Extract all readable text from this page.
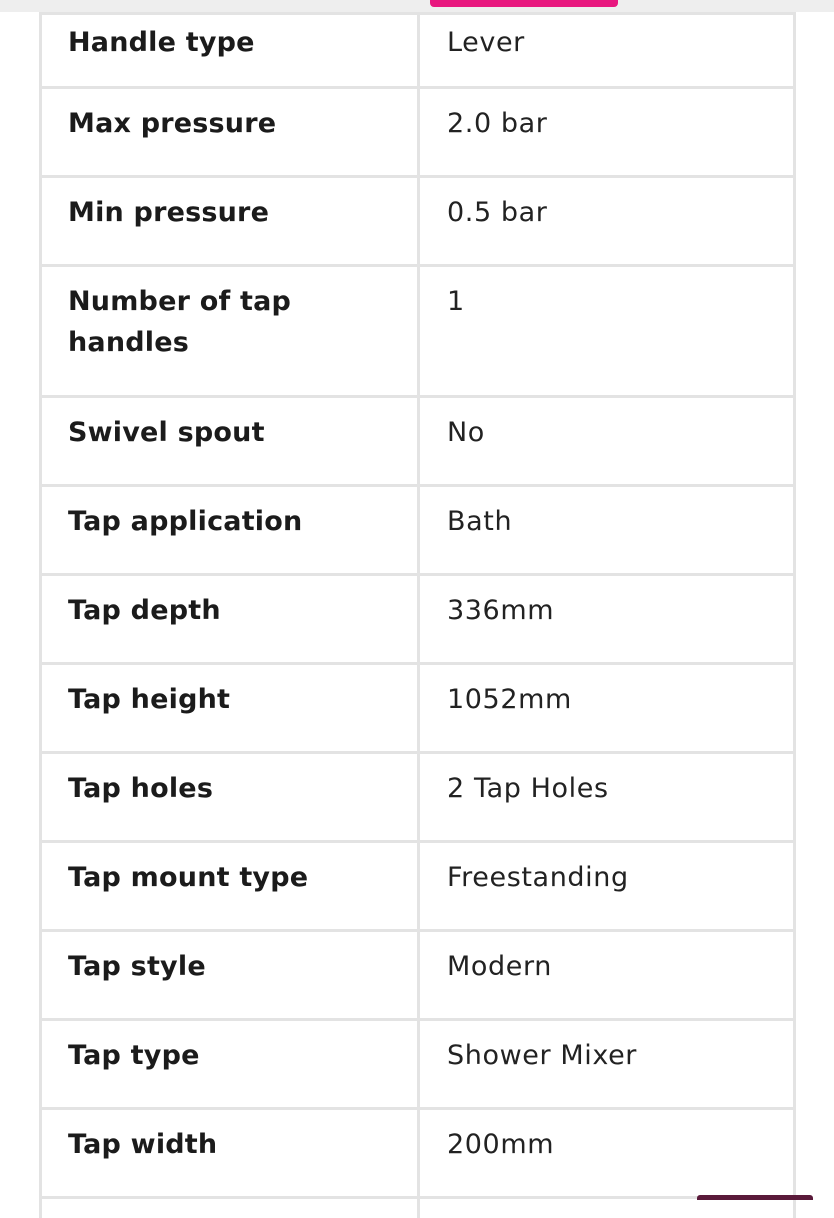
Handle type	Lever
Max pressure	2.0 bar
Min pressure	0.5 bar
Number of tap handles	1
Swivel spout	No
Tap application	Bath
Tap depth	336mm
Tap height	1052mm
Tap holes	2 Tap Holes
Tap mount type	Freestanding
Tap style	Modern
Tap type	Shower Mixer
Tap width	200mm
